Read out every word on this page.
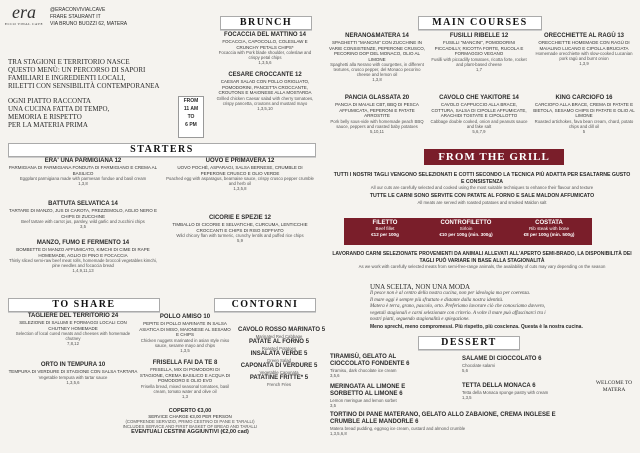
era
ECCO VINAL CAVE
@ERACONVIVIALCAVE
FRARE STAURANT IT
VIA BRUNO BUOZZI 62, MATERA
TRA STAGIONI E TERRITORIO NASCE
QUESTO MENÙ: UN PERCORSO DI SAPORI
FAMILIARI E INGREDIENTI LOCALI,
RILETTI CON SENSIBILITÀ CONTEMPORANEA
OGNI PIATTO RACCONTA
UNA CUCINA FATTA DI TEMPO,
MEMORIA E RISPETTO
PER LA MATERIA PRIMA
BRUNCH
FROM
11 AM
TO
6 PM
FOCACCIA DEL MATTINO 14
FOCACCIA, CAPOCOLLO, COLESLAW E CRUNCHY PETALS CHIPS*
Focaccia with Pork blade shoulder, coleslaw and crispy petal chips
1,3,5,6
CESARE CROCCANTE 12
CAESAR SALAD CON POLLO GRIGLIATO, POMODORINI, PANCETTA CROCCANTE, CROUTONS E MAIONESE ALLA MOSTARDA
Grilled chicken Caesar salad with cherry tomatoes, crispy pancetta, croutons and mustard mayo
1,3,5,10
MAIN COURSES
NERANO&MATERA 14
SPAGHETTI "MANCINI" CON ZUCCHINE IN VARIE CONSISTENZE, PEPERONE CRUSCO, PECORINO DOP DEL MONACO, OLIO AL LIMONE
Spaghetti alla Nerano with courgettes, in different textures, crusco pepper, del Monaco pecorino cheese and lemon oil
1,3,8
FUSILLI RIBELLE 12
FUSILLI "MANCINI", POMODORINI PICCADILLY, RICOTTA FORTE, RUCOLA E FORMAGGIO VEGANO
Fusilli with piccadilly tomatoes, ricotta forte, rocket and plant-based cheese
1,7
ORECCHIETTE AL RAGÙ 13
ORECCHIETTE HOMEMADE CON RAGÙ DI MAIALINO LUCANO E CIPOLLA BRUCIATA
Homemade orecchiette with slow-cooked Lucanian pork ragù and burnt onion
1,3,9
PANCIA GLASSATA 20
PANCIA DI MAIALE CBT, BBQ DI PESCA AFFUMICATA, PEPERONI E PATATE ARROSTITE
Pork belly sous-vide with homemade peach BBQ sauce, peppers and roasted baby potatoes
5,10,11
CAVOLO CHE YAKITORE 14
CAVOLO CAPPUCCIO ALLA BRACE, COTTURA, SALSA DI CIPOLLE AFFUMICATE, ARACHIDI TOSTATE E CIPOLLOTTO
Cabbage double cooked, onion and peanuts sauce and fake salt
5,6,7,9
KING CARCIOFO 16
CARCIOFO ALLA BRACE, CREMA DI PATATE E BIETOLA, SESAMO CHIPS DI PATATE E OLIO AL LIMONE
Roasted artichokes, fava bean cream, chard, potato chips and dill oil
5
STARTERS
ERA' UNA PARMIGIANA 12
PARMIGIANA DI PARMIGIANA FONDUTA DI PARMIGIANO E CREMA AL BASILICO
Eggplant parmigiana made with parmesan fondue and basil cream
1,3,8
UOVO E PRIMAVERA 12
UOVO POCHÉ, ASPARAGI, SALSA BERNESE, CRUMBLE DI PEPERONE CRUSCO E OLIO VERDE
Poached egg with asparagus, bearnaise sauce, crispy crusco pepper crumble and herb oil
1,3,5,8
BATTUTA SELVATICA 14
TARTARE DI MANZO, JUS DI CAROTA, PREZZEMOLO, AGLIO NERO E CHIPS DI ZUCCHINE
Beef tartare with carrot jus, parsley, wild garlic and zucchini chips
3,5
CICORIE E SPEZIE 12
TIMBALLO DI CICORIE E SELVATICHE, CURCUMA, LENTICCHIE CROCCANTI E CHIPS DI RISO SOFFIATO
Wild chicory flan with turmeric, crunchy lentils and puffed rice chips
5,9
MANZO, FUMO E FERMENTO 14
BOMBETTE DI MANZO AFFUMICATO, KIMCHI DI CIME DI RAPE HOMEMADE, AGLIO DI PINO E FOCACCIA
Thinly sliced semi-raw beef meat rolls, homemade broccoli vegetables kimchi, pine needles and focaccia bread
1,4,9,11,13
FROM THE GRILL
TUTTI I NOSTRI TAGLI VENGONO SELEZIONATI E COTTI SECONDO LA TECNICA PIÙ ADATTA PER ESALTARNE GUSTO E CONSISTENZA
All our cuts are carefully selected and cooked using the most suitable techniques to enhance their flavour and texture
TUTTE LE CARNI SONO SERVITE CON PATATE AL FORNO E SALE MALDON AFFUMICATO
All meats are served with roasted potatoes and smoked Maldon salt
FILETTO
Beef fillet
€12 per 100g
CONTROFILETTO
Sirloin
€10 per 100g (min. 300g)
COSTATA
Rib steak with bone
€8 per 100g (min. 500g)
LAVORANDO CARNI SELEZIONATE PROVENIENTI DA ANIMALI ALLEVATI ALL'APERTO SEMI-BRADO, LA DISPONIBILITÀ DEI TAGLI PUÒ VARIARE IN BASE ALLA STAGIONALITÀ
As we work with carefully selected meats from semi-free-range animals, the availability of cuts may vary depending on the season
UNA SCELTA, NON UNA MODA
Il pesce non è al centro della nostra cucina, non per ideologia ma per coerenza.
Il mare oggi è sempre più sfruttato e distante dalla nostra identità.
Matera è terra, grano, pascolo, orto. Preferiamo lavorare ciò che conosciamo davvero,
vegetali stagionali e carni selezionate con criterio. A volte il mare può affascinarci tra i
nostri piatti, seguendo stagionalità e spiegazione.
Meno sprechi, meno compromessi. Più rispetto, più coscienza. Questa è la nostra cucina.
TO SHARE
TAGLIERE DEL TERRITORIO 24
SELEZIONE DI SALUMI E FORMAGGI LOCALI CON CHUTNEY HOMEMADE
Selection of local cured meats and cheeses with homemade chutney
7,8,12
ORTO IN TEMPURA 10
TEMPURA DI VERDURE DI STAGIONE CON SALSA TARTARA
Vegetable tempura with tartar sauce
1,3,5,6
CONTORNI
POLLO AMISO 10
PEPITE DI POLLO MARINATE IN SALSA ASIATICA DI MISO, MAIONESE AL SESAMO E CHIPS
Chicken nuggets marinated in asian style miso sauce, sesame mayo and chips
1,3,5
FRISELLA FAI DA TE 8
FRISELLA, MIX DI POMODORI DI STAGIONE, CREMA BASILICO E ACQUA DI POMODORO E OLIO EVO
Frisella bread, mixed seasonal tomatoes, basil cream, tomato water and olive oil
1,3
CAVOLO ROSSO MARINATO 5
Marinated Red Cabbage
PATATE AL FORNO 5
Roasted Potatoes
INSALATA VERDE 5
Green Salad
CAPONATA DI VERDURE 5
Vegetable Caponata
PATATINE FRITTE* 5
French Fries
COPERTO €3,00
SERVICE CHARGE €3,00 PER PERSON
(COMPRENDE SERVIZIO, PRIMO CESTINO DI PANE E TARALLI)
INCLUDES SERVICE AND FIRST BASKET OF BREAD AND TARALLI
EVENTUALI CESTINI AGGIUNTIVI (€2,00 cad)
DESSERT
TIRAMISÙ, GELATO AL CIOCCOLATO FONDENTE 6
Tiramisu, dark chocolate ice cream
3,5,6
SALAME DI CIOCCOLATO 6
Chocolate salami
5,6
MERINGATA AL LIMONE E SORBETTO AL LIMONE 6
Lemon meringue and lemon sorbet
3,5
TETTA DELLA MONACA 6
Tetta della Monaca sponge pastry with cream
1,3,5
TORTINO DI PANE MATERANO, GELATO ALLO ZABAIONE, CREMA INGLESE E CRUMBLE ALLE MANDORLE 6
Matera bread pudding, eggnog ice cream, custard and almond crumble
1,3,5,6,8
WELCOME TO MATERA
